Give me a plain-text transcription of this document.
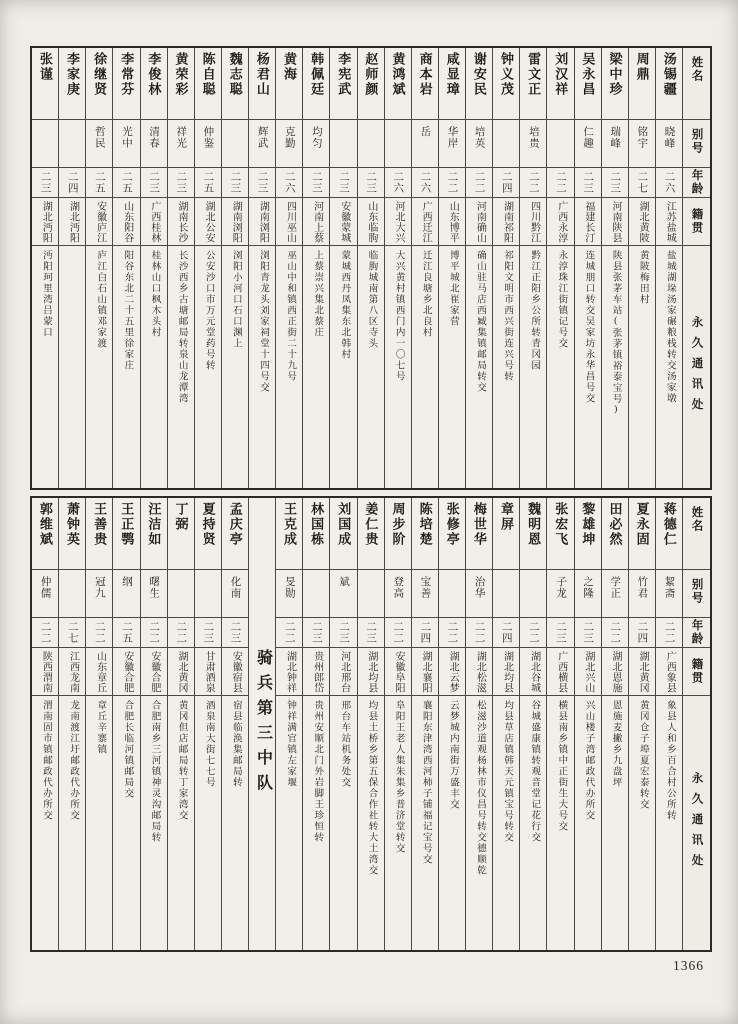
姓名
别号
年龄
籍贯
永久通讯处
汤锡疆
晓峰
二六
江苏盐城
盐城湖垛汤家碾粮栈转交汤家墩
周鼎
铭宇
二七
湖北黄陂
黄陂梅田村
梁中珍
瑞峰
二三
河南陕县
陕县张茅车站(张茅镇裕泰宝号)
吴永昌
仁趣
二三
福建长汀
连城朋口转交吴家坊永华昌号交
刘汉祥
二二
广西永淳
永淳珠江街镇记号交
雷文正
培贵
二二
四川黔江
黔江正阳乡公所转青冈园
钟义茂
二四
湖南祁阳
祁阳文明市西兴街连兴号转
谢安民
培英
二二
河南确山
确山驻马店西臧集镇邮局转交
咸显璋
华岸
二二
山东博平
博平城北崔家营
商本岩
岳
二六
广西迁江
迁江良塘乡北良村
黄鸿斌
二六
河北大兴
大兴黄村镇西门内一〇七号
赵师颜
二三
山东临朐
临朐城南第八区寺头
李宪武
二三
安徽蒙城
蒙城西丹凤集东北韩村
韩佩廷
均匀
二三
河南上蔡
上蔡崇兴集北蔡庄
黄海
克勤
二六
四川巫山
巫山中和镇西正街二十九号
杨君山
辉武
二三
湖南浏阳
浏阳青龙头刘家祠堂十四号交
魏志聪
二三
湖南浏阳
浏阳小河口石口渊上
陈自聪
仲鉴
二五
湖北公安
公安沙口市万元堂药号转
黄荣彩
祥光
二三
湖南长沙
长沙西乡古塘邮局转泉山龙潭湾
李俊林
清春
二三
广西桂林
桂林山口枫木头村
李常芬
光中
二五
山东阳谷
阳谷东北二十五里徐家庄
徐继贤
哲民
二五
安徽庐江
庐江白石山镇邓家渡
李家庚
二四
湖北沔阳
张谨
二三
湖北沔阳
沔阳珂里湾吕蒙口
姓名
别号
年龄
籍贯
永久通讯处
蒋德仁
絜斋
二二
广西象县
象县人和乡百合村公所转
夏永固
竹君
二四
湖北黄冈
黄冈仓子埠夏宏泰转交
田必然
学正
二二
湖北恩施
恩施麦撇乡九盘坪
黎雄坤
之隆
二三
湖北兴山
兴山楼子湾邮政代办所交
张宏飞
子龙
二三
广西横县
横县南乡镇中正街生大号交
魏明恩
二二
湖北谷城
谷城盛康镇转观音堂记花行交
章屏
二四
湖北均县
均县草店镇韩天元镇宝号转交
梅世华
治华
二二
湖北松滋
松滋沙道观杨林市仪昌号转交德顺乾
张修亭
二二
湖北云梦
云梦城内南街万盛丰交
陈培楚
宝善
二四
湖北襄阳
襄阳东津湾西河柿子铺福记宝号交
周步阶
登高
二二
安徽阜阳
阜阳王老人集朱集乡普济堂转交
姜仁贵
二三
湖北均县
均县土桥乡第五保合作社转大土湾交
刘国成
斌
二三
河北邢台
邢台车站机务处交
林国栋
二三
贵州郎岱
贵州安顺北门外岩脚王珍恒转
王克成
旻勋
二二
湖北钟祥
钟祥满官镇左家堰
骑兵第三中队
孟庆亭
化南
二三
安徽宿县
宿县临涣集邮局转
夏持贤
二三
甘肃酒泉
酒泉南大街七七号
丁弼
二二
湖北黄冈
黄冈但店邮局转丁家湾交
汪洁如
曙生
二二
安徽合肥
合肥南乡三河镇神灵沟邮局转
王正鹗
纲
二五
安徽合肥
合肥长临河镇邮局交
王善贵
冠九
二二
山东章丘
章丘辛寨镇
萧钟英
二七
江西龙南
龙南渡江圩邮政代办所交
郭维斌
仲儒
二二
陕西渭南
渭南固市镇邮政代办所交
1366
